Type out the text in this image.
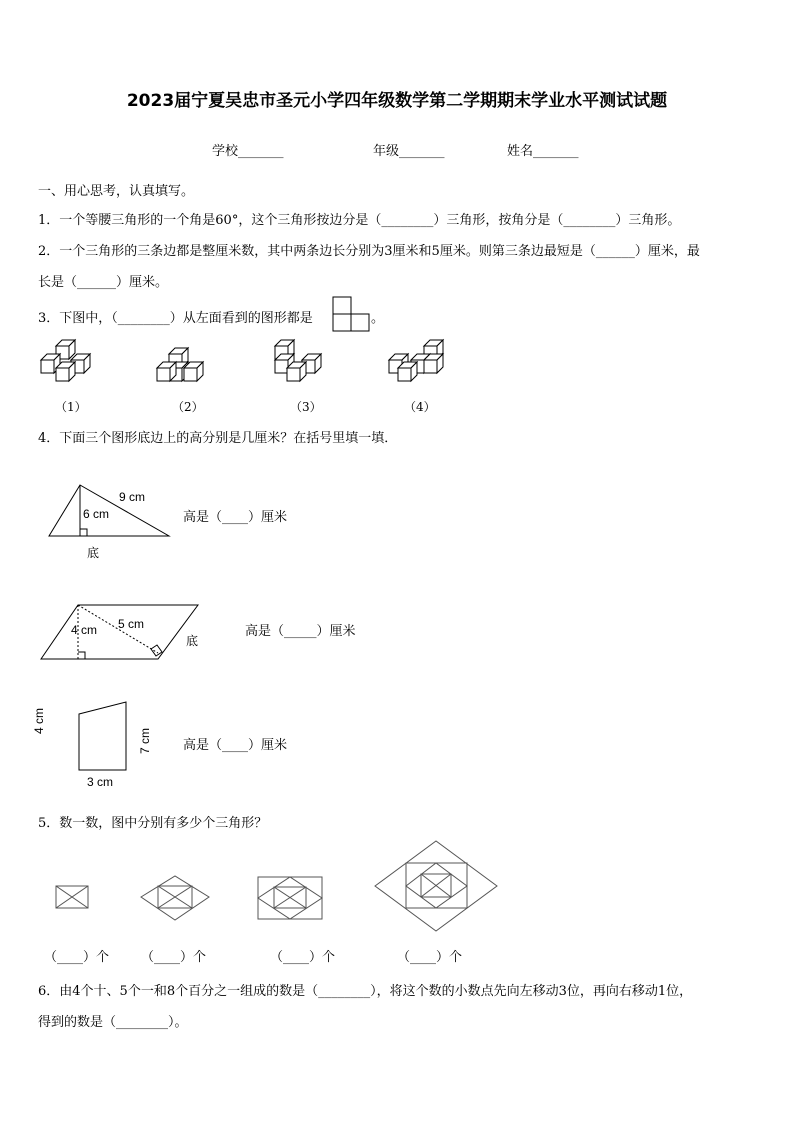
2023届宁夏吴忠市圣元小学四年级数学第二学期期末学业水平测试试题
学校_______	年级_______	姓名_______
一、用心思考，认真填写。
1．一个等腰三角形的一个角是60°，这个三角形按边分是（________）三角形，按角分是（________）三角形。
2．一个三角形的三条边都是整厘米数，其中两条边长分别为3厘米和5厘米。则第三条边最短是（______）厘米，最
长是（______）厘米。
3．下图中，（________）从左面看到的图形都是	。
（1）	（2）	（3）	（4）
4．下面三个图形底边上的高分别是几厘米？在括号里填一填．
9 cm
6 cm
底
高是（____）厘米
5 cm
4 cm
底
高是（_____）厘米
4 cm
7 cm
3 cm
高是（____）厘米
5．数一数，图中分别有多少个三角形？
（____）个 （____）个	（____）个	（____）个
6．由4个十、5个一和8个百分之一组成的数是（________），将这个数的小数点先向左移动3位，再向右移动1位，
得到的数是（________）。
